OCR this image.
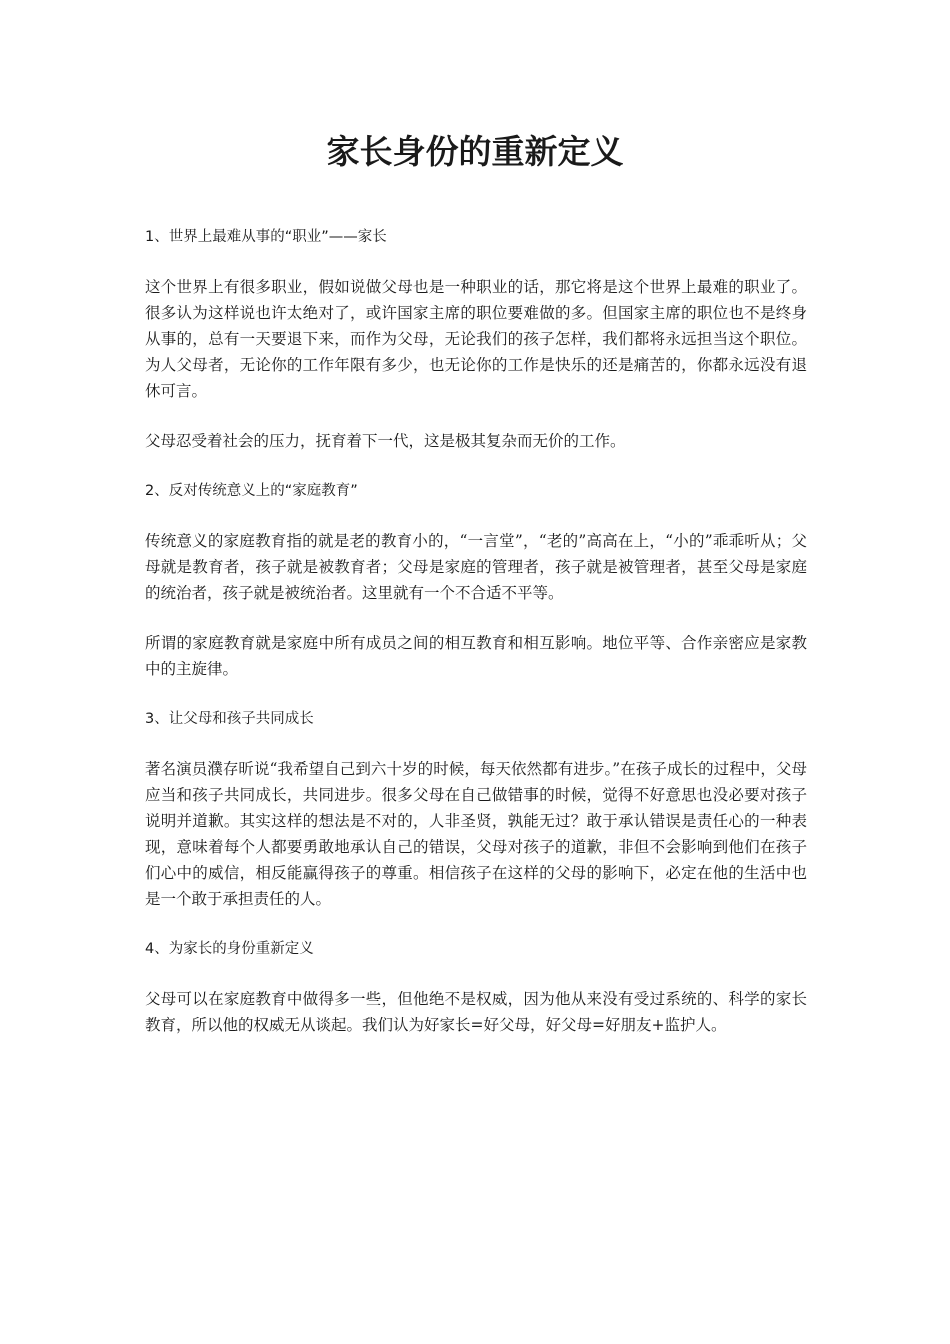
家长身份的重新定义

1、世界上最难从事的“职业”——家长

这个世界上有很多职业，假如说做父母也是一种职业的话，那它将是这个世界上最难的职业了。很多认为这样说也许太绝对了，或许国家主席的职位要难做的多。但国家主席的职位也不是终身从事的，总有一天要退下来，而作为父母，无论我们的孩子怎样，我们都将永远担当这个职位。为人父母者，无论你的工作年限有多少，也无论你的工作是快乐的还是痛苦的，你都永远没有退休可言。

父母忍受着社会的压力，抚育着下一代，这是极其复杂而无价的工作。

2、反对传统意义上的“家庭教育”

传统意义的家庭教育指的就是老的教育小的，“一言堂”，“老的”高高在上，“小的”乖乖听从；父母就是教育者，孩子就是被教育者；父母是家庭的管理者，孩子就是被管理者，甚至父母是家庭的统治者，孩子就是被统治者。这里就有一个不合适不平等。

所谓的家庭教育就是家庭中所有成员之间的相互教育和相互影响。地位平等、合作亲密应是家教中的主旋律。

3、让父母和孩子共同成长

著名演员濮存昕说“我希望自己到六十岁的时候，每天依然都有进步。”在孩子成长的过程中，父母应当和孩子共同成长，共同进步。很多父母在自己做错事的时候，觉得不好意思也没必要对孩子说明并道歉。其实这样的想法是不对的，人非圣贤，孰能无过？敢于承认错误是责任心的一种表现，意味着每个人都要勇敢地承认自己的错误，父母对孩子的道歉，非但不会影响到他们在孩子们心中的威信，相反能赢得孩子的尊重。相信孩子在这样的父母的影响下，必定在他的生活中也是一个敢于承担责任的人。

4、为家长的身份重新定义

父母可以在家庭教育中做得多一些，但他绝不是权威，因为他从来没有受过系统的、科学的家长教育，所以他的权威无从谈起。我们认为好家长=好父母，好父母=好朋友+监护人。
